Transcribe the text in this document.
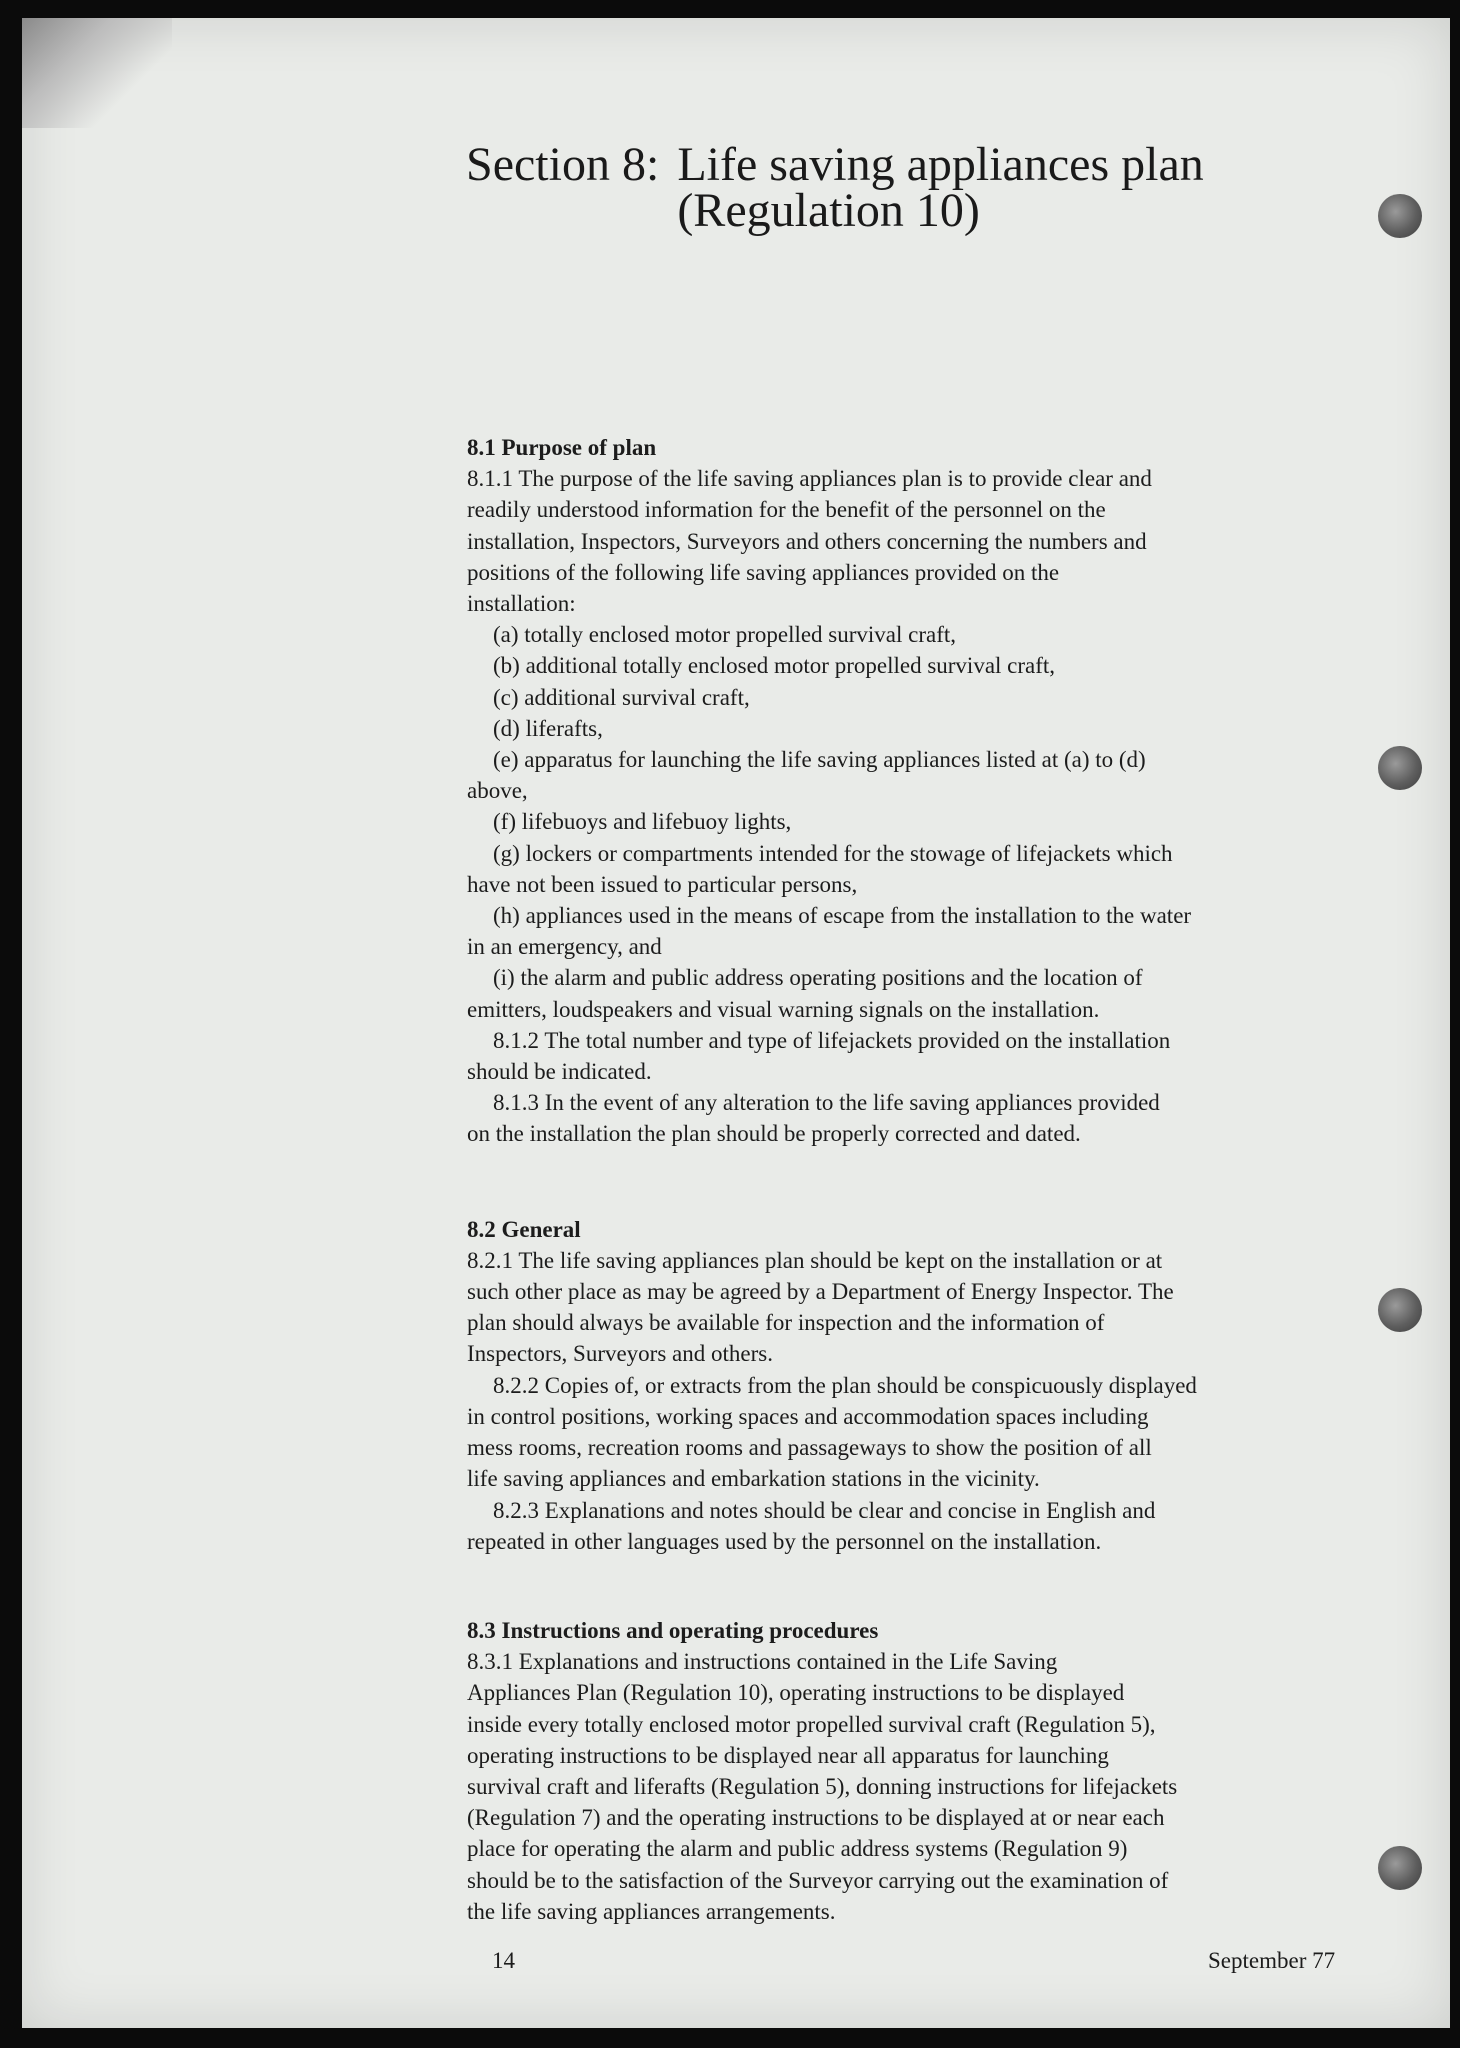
Section 8: Life saving appliances plan
(Regulation 10)
8.1 Purpose of plan
8.1.1 The purpose of the life saving appliances plan is to provide clear and
readily understood information for the benefit of the personnel on the
installation, Inspectors, Surveyors and others concerning the numbers and
positions of the following life saving appliances provided on the
installation:
(a) totally enclosed motor propelled survival craft,
(b) additional totally enclosed motor propelled survival craft,
(c) additional survival craft,
(d) liferafts,
(e) apparatus for launching the life saving appliances listed at (a) to (d)
above,
(f) lifebuoys and lifebuoy lights,
(g) lockers or compartments intended for the stowage of lifejackets which
have not been issued to particular persons,
(h) appliances used in the means of escape from the installation to the water
in an emergency, and
(i) the alarm and public address operating positions and the location of
emitters, loudspeakers and visual warning signals on the installation.
8.1.2 The total number and type of lifejackets provided on the installation
should be indicated.
8.1.3 In the event of any alteration to the life saving appliances provided
on the installation the plan should be properly corrected and dated.
8.2 General
8.2.1 The life saving appliances plan should be kept on the installation or at
such other place as may be agreed by a Department of Energy Inspector. The
plan should always be available for inspection and the information of
Inspectors, Surveyors and others.
8.2.2 Copies of, or extracts from the plan should be conspicuously displayed
in control positions, working spaces and accommodation spaces including
mess rooms, recreation rooms and passageways to show the position of all
life saving appliances and embarkation stations in the vicinity.
8.2.3 Explanations and notes should be clear and concise in English and
repeated in other languages used by the personnel on the installation.
8.3 Instructions and operating procedures
8.3.1 Explanations and instructions contained in the Life Saving
Appliances Plan (Regulation 10), operating instructions to be displayed
inside every totally enclosed motor propelled survival craft (Regulation 5),
operating instructions to be displayed near all apparatus for launching
survival craft and liferafts (Regulation 5), donning instructions for lifejackets
(Regulation 7) and the operating instructions to be displayed at or near each
place for operating the alarm and public address systems (Regulation 9)
should be to the satisfaction of the Surveyor carrying out the examination of
the life saving appliances arrangements.
14	September 77
